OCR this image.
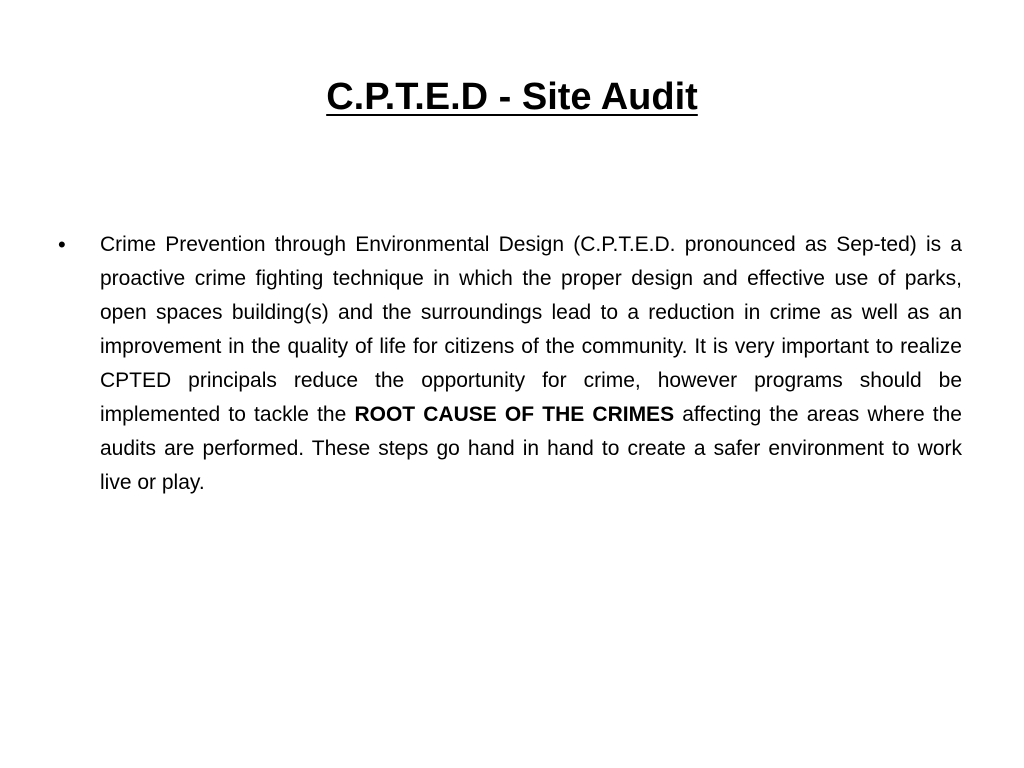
C.P.T.E.D - Site Audit
•	Crime Prevention through Environmental Design (C.P.T.E.D. pronounced as Sep-ted) is a proactive crime fighting technique in which the proper design and effective use of parks, open spaces building(s) and the surroundings lead to a reduction in crime as well as an improvement in the quality of life for citizens of the community. It is very important to realize CPTED principals reduce the opportunity for crime, however programs should be implemented to tackle the ROOT CAUSE OF THE CRIMES affecting the areas where the audits are performed. These steps go hand in hand to create a safer environment to work live or play.
